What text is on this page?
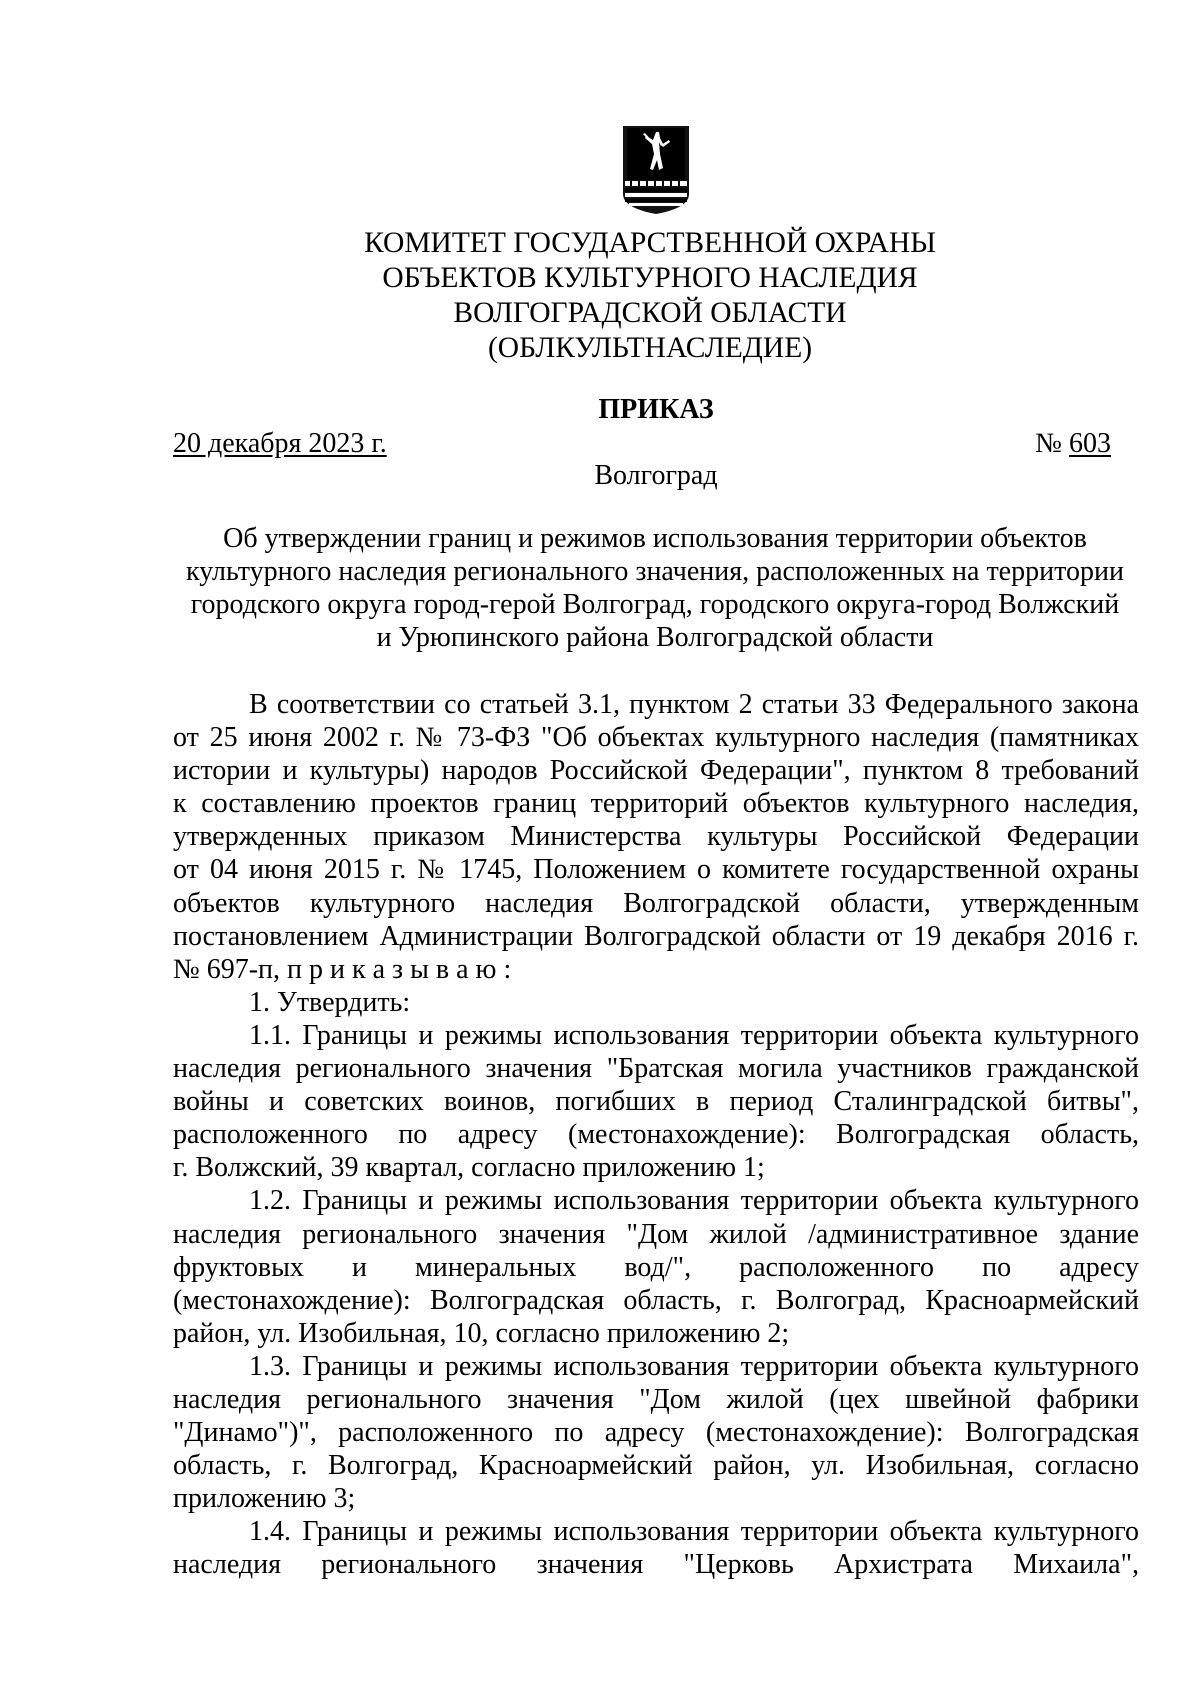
КОМИТЕТ ГОСУДАРСТВЕННОЙ ОХРАНЫ
ОБЪЕКТОВ КУЛЬТУРНОГО НАСЛЕДИЯ
ВОЛГОГРАДСКОЙ ОБЛАСТИ
(ОБЛКУЛЬТНАСЛЕДИЕ)
ПРИКАЗ
20 декабря 2023 г.	№ 603
Волгоград
Об утверждении границ и режимов использования территории объектов
культурного наследия регионального значения, расположенных на территории
городского округа город-герой Волгоград, городского округа-город Волжский
и Урюпинского района Волгоградской области

В соответствии со статьей 3.1, пунктом 2 статьи 33 Федерального закона
от 25 июня 2002 г. № 73-ФЗ "Об объектах культурного наследия (памятниках
истории и культуры) народов Российской Федерации", пунктом 8 требований
к составлению проектов границ территорий объектов культурного наследия,
утвержденных приказом Министерства культуры Российской Федерации
от 04 июня 2015 г. № 1745, Положением о комитете государственной охраны
объектов культурного наследия Волгоградской области, утвержденным
постановлением Администрации Волгоградской области от 19 декабря 2016 г.
№ 697-п, п р и к а з ы в а ю :

1. Утвердить:

1.1. Границы и режимы использования территории объекта культурного
наследия регионального значения "Братская могила участников гражданской
войны и советских воинов, погибших в период Сталинградской битвы",
расположенного по адресу (местонахождение): Волгоградская область,
г. Волжский, 39 квартал, согласно приложению 1;

1.2. Границы и режимы использования территории объекта культурного
наследия регионального значения "Дом жилой /административное здание
фруктовых и минеральных вод/", расположенного по адресу
(местонахождение): Волгоградская область, г. Волгоград, Красноармейский
район, ул. Изобильная, 10, согласно приложению 2;

1.3. Границы и режимы использования территории объекта культурного
наследия регионального значения "Дом жилой (цех швейной фабрики
"Динамо")", расположенного по адресу (местонахождение): Волгоградская
область, г. Волгоград, Красноармейский район, ул. Изобильная, согласно
приложению 3;

1.4. Границы и режимы использования территории объекта культурного
наследия регионального значения "Церковь Архистрата Михаила",
